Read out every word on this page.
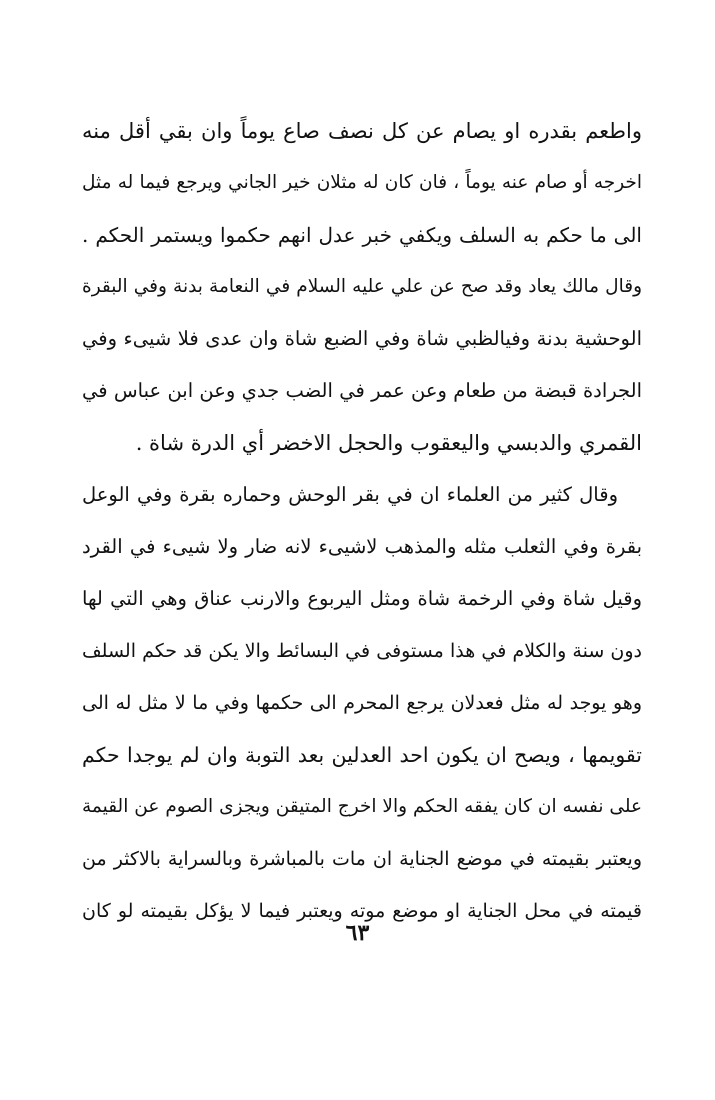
واطعم بقدره او يصام عن كل نصف صاع يوماً وان بقي أقل منه
اخرجه أو صام عنه يوماً ، فان كان له مثلان خير الجاني ويرجع فيما له مثل
الى ما حكم به السلف ويكفي خبر عدل انهم حكموا ويستمر الحكم .
وقال مالك يعاد وقد صح عن علي عليه السلام في النعامة بدنة وفي البقرة
الوحشية بدنة وفيالظبي شاة وفي الضبع شاة وان عدى فلا شيىء وفي
الجرادة قبضة من طعام وعن عمر في الضب جدي وعن ابن عباس في
القمري والدبسي واليعقوب والحجل الاخضر أي الدرة شاة .
وقال كثير من العلماء ان في بقر الوحش وحماره بقرة وفي الوعل
بقرة وفي الثعلب مثله والمذهب لاشيىء لانه ضار ولا شيىء في القرد
وقيل شاة وفي الرخمة شاة ومثل اليربوع والارنب عناق وهي التي لها
دون سنة والكلام في هذا مستوفى في البسائط والا يكن قد حكم السلف
وهو يوجد له مثل فعدلان يرجع المحرم الى حكمها وفي ما لا مثل له الى
تقويمها ، ويصح ان يكون احد العدلين بعد التوبة وان لم يوجدا حكم
على نفسه ان كان يفقه الحكم والا اخرج المتيقن ويجزى الصوم عن القيمة
ويعتبر بقيمته في موضع الجناية ان مات بالمباشرة وبالسراية بالاكثر من
قيمته في محل الجناية او موضع موته ويعتبر فيما لا يؤكل بقيمته لو كان
٦٣
